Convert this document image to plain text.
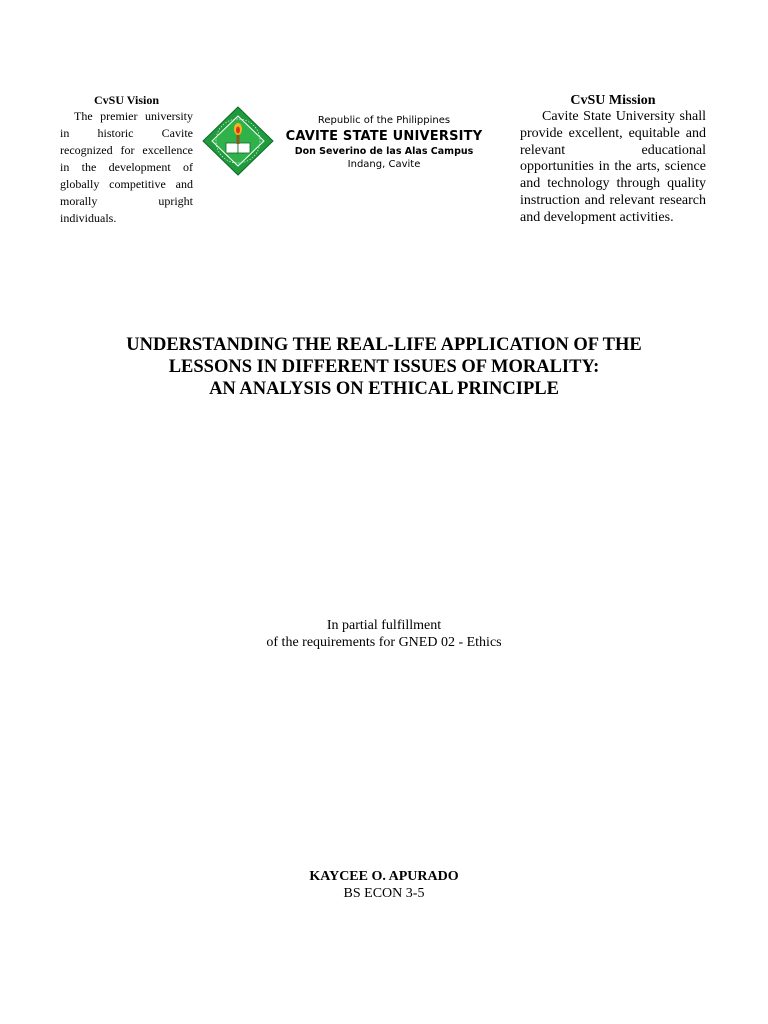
CvSU Vision

The premier university in historic Cavite recognized for excellence in the development of globally competitive and morally upright individuals.

Republic of the Philippines
CAVITE STATE UNIVERSITY
Don Severino de las Alas Campus
Indang, Cavite

CvSU Mission

Cavite State University shall provide excellent, equitable and relevant educational opportunities in the arts, science and technology through quality instruction and relevant research and development activities.

UNDERSTANDING THE REAL-LIFE APPLICATION OF THE
LESSONS IN DIFFERENT ISSUES OF MORALITY:
AN ANALYSIS ON ETHICAL PRINCIPLE
In partial fulfillment
of the requirements for GNED 02 - Ethics
KAYCEE O. APURADO
BS ECON 3-5
